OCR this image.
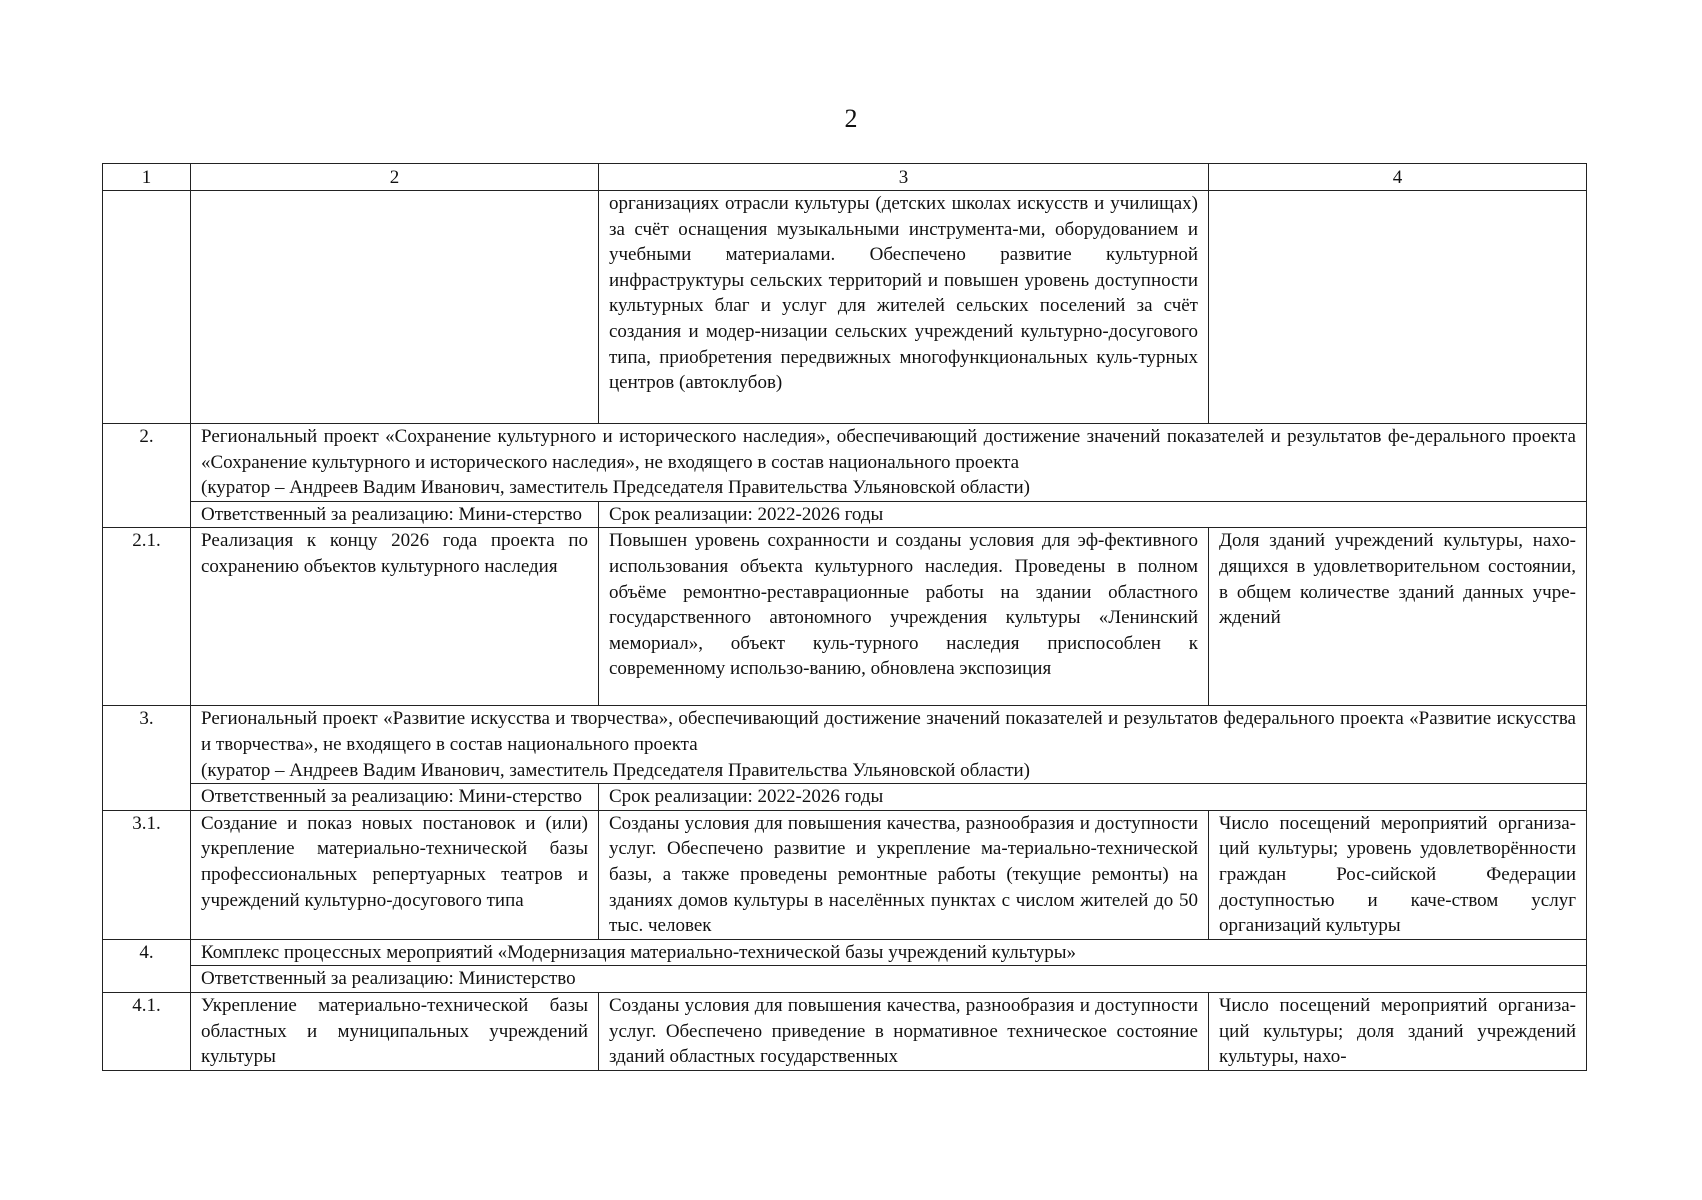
2
1	2	3	4
		организациях отрасли культуры (детских школах искусств и училищах) за счёт оснащения музыкальными инструмента-ми, оборудованием и учебными материалами. Обеспечено развитие культурной инфраструктуры сельских территорий и повышен уровень доступности культурных благ и услуг для жителей сельских поселений за счёт создания и модер-низации сельских учреждений культурно-досугового типа, приобретения передвижных многофункциональных куль-турных центров (автоклубов)	
2.	Региональный проект «Сохранение культурного и исторического наследия», обеспечивающий достижение значений показателей и результатов фе-дерального проекта «Сохранение культурного и исторического наследия», не входящего в состав национального проекта
(куратор – Андреев Вадим Иванович, заместитель Председателя Правительства Ульяновской области)		

	Ответственный за реализацию: Мини-стерство	Срок реализации: 2022-2026 годы	
2.1.	Реализация к концу 2026 года проекта по сохранению объектов культурного наследия	Повышен уровень сохранности и созданы условия для эф-фективного использования объекта культурного наследия. Проведены в полном объёме ремонтно-реставрационные работы на здании областного государственного автономного учреждения культуры «Ленинский мемориал», объект куль-турного наследия приспособлен к современному использо-ванию, обновлена экспозиция	Доля зданий учреждений культуры, нахо-дящихся в удовлетворительном состоянии, в общем количестве зданий данных учре-ждений
3.	Региональный проект «Развитие искусства и творчества», обеспечивающий достижение значений показателей и результатов федерального проекта «Развитие искусства и творчества», не входящего в состав национального проекта
(куратор – Андреев Вадим Иванович, заместитель Председателя Правительства Ульяновской области)		

	Ответственный за реализацию: Мини-стерство	Срок реализации: 2022-2026 годы	
3.1.	Создание и показ новых постановок и (или) укрепление материально-технической базы профессиональных репертуарных театров и учреждений культурно-досугового типа	Созданы условия для повышения качества, разнообразия и доступности услуг. Обеспечено развитие и укрепление ма-териально-технической базы, а также проведены ремонтные работы (текущие ремонты) на зданиях домов культуры в населённых пунктах с числом жителей до 50 тыс. человек	Число посещений мероприятий организа-ций культуры; уровень удовлетворённости граждан Рос-сийской Федерации доступностью и каче-ством услуг организаций культуры
4.	Комплекс процессных мероприятий «Модернизация материально-технической базы учреждений культуры»		
	Ответственный за реализацию: Министерство		
4.1.	Укрепление материально-технической базы областных и муниципальных учреждений культуры	Созданы условия для повышения качества, разнообразия и доступности услуг. Обеспечено приведение в нормативное техническое состояние зданий областных государственных	Число посещений мероприятий организа-ций культуры; доля зданий учреждений культуры, нахо-
